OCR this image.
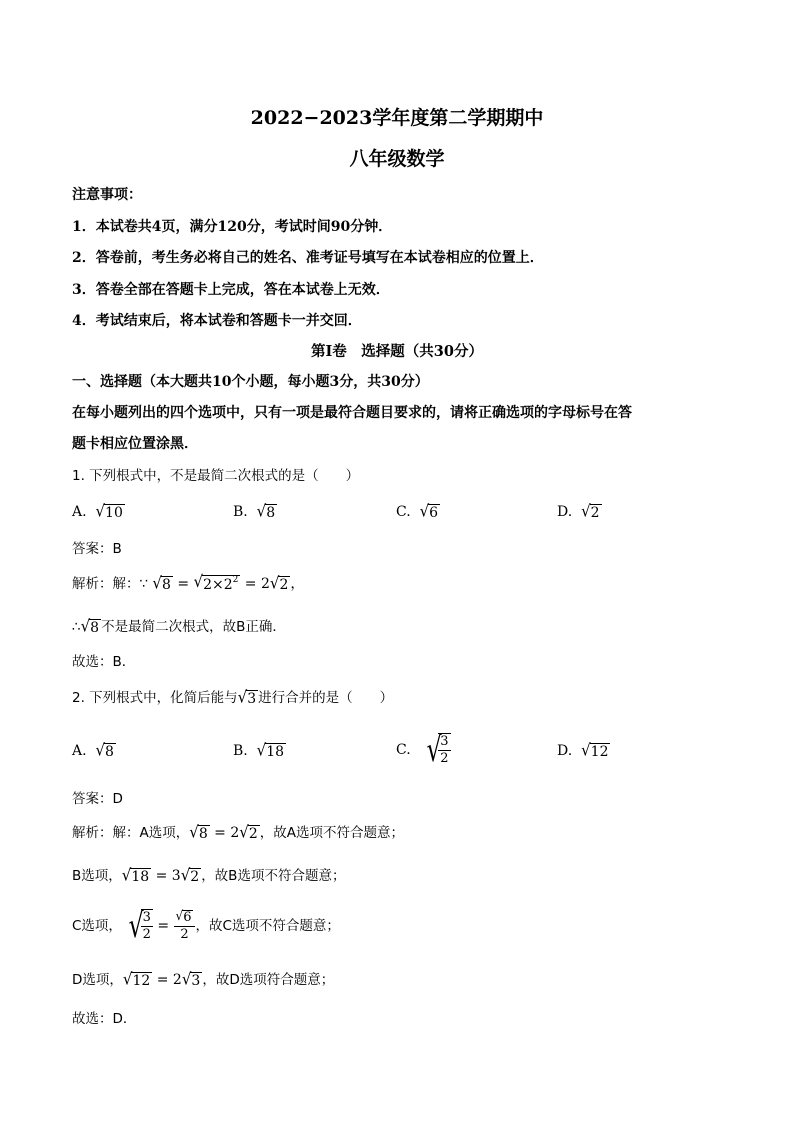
2022−2023学年度第二学期期中
八年级数学
注意事项：
1．本试卷共4页，满分120分，考试时间90分钟．
2．答卷前，考生务必将自己的姓名、准考证号填写在本试卷相应的位置上．
3．答卷全部在答题卡上完成，答在本试卷上无效．
4．考试结束后，将本试卷和答题卡一并交回．
第Ⅰ卷　选择题（共30分）
一、选择题（本大题共10个小题，每小题3分，共30分）
在每小题列出的四个选项中，只有一项是最符合题目要求的，请将正确选项的字母标号在答
题卡相应位置涂黑．
1. 下列根式中，不是最简二次根式的是（　　）
A. √ 10	B. √ 8	C. √ 6	D. √ 2
答案：B
解析：解：∵ √ 8 = √ $2\times 2^2 = 2$ √ 2 ，
∴ √ 8 不是最简二次根式，故B正确．
故选：B．
2. 下列根式中，化简后能与 √ 3 进行合并的是（　　）
A. √ 8	B. √ 18	C. √
$\frac{3}{2}$	D. √ 12
答案：D
解析：解：A选项， √ 8 = 2 √ 2 ，故A选项不符合题意；
B选项， √ 18 = 3 √ 2 ，故B选项不符合题意；
C选项， √
$\frac{3}{2} = \frac{√ 6}{2}$ ，故C选项不符合题意；
D选项， √ 12 = 2 √ 3 ，故D选项符合题意；
故选：D．
